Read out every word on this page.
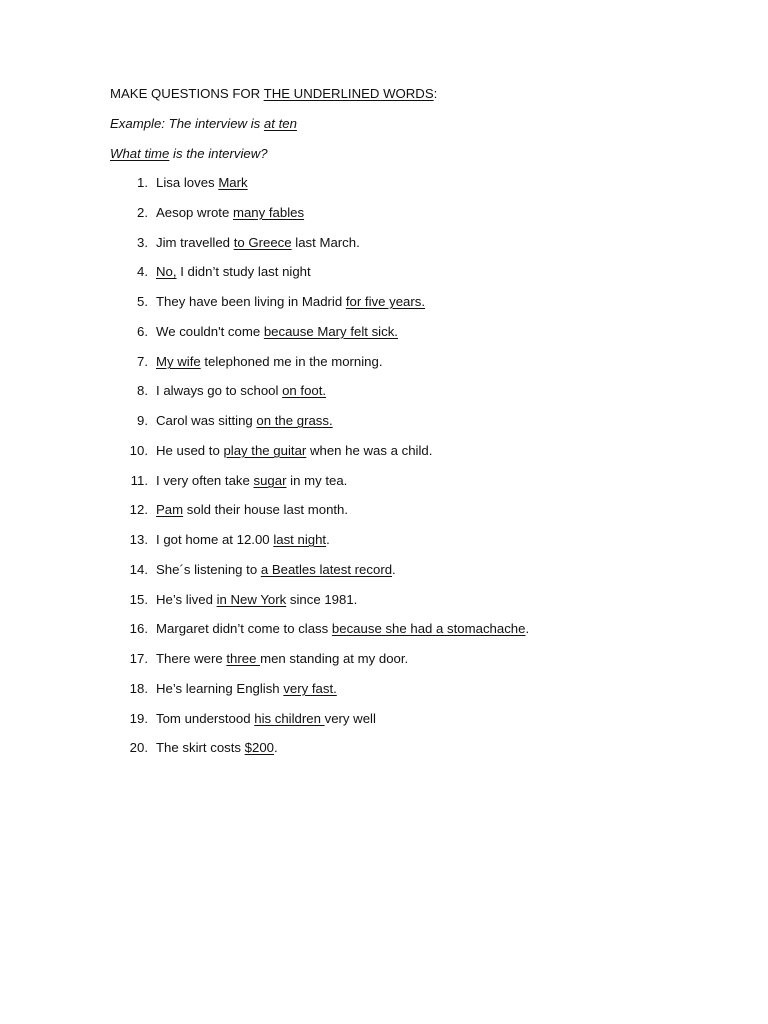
MAKE QUESTIONS FOR THE UNDERLINED WORDS:
Example: The interview is at ten
What time is the interview?
1. Lisa loves Mark
2. Aesop wrote many fables
3. Jim travelled to Greece last March.
4. No, I didn’t study last night
5. They have been living in Madrid for five years.
6. We couldn't come because Mary felt sick.
7. My wife telephoned me in the morning.
8. I always go to school on foot.
9. Carol was sitting on the grass.
10. He used to play the guitar when he was a child.
11. I very often take sugar in my tea.
12. Pam sold their house last month.
13. I got home at 12.00 last night.
14. She´s listening to a Beatles latest record.
15. He’s lived in New York since 1981.
16. Margaret didn’t come to class because she had a stomachache.
17. There were three men standing at my door.
18. He’s learning English very fast.
19. Tom understood his children very well
20. The skirt costs $200.
